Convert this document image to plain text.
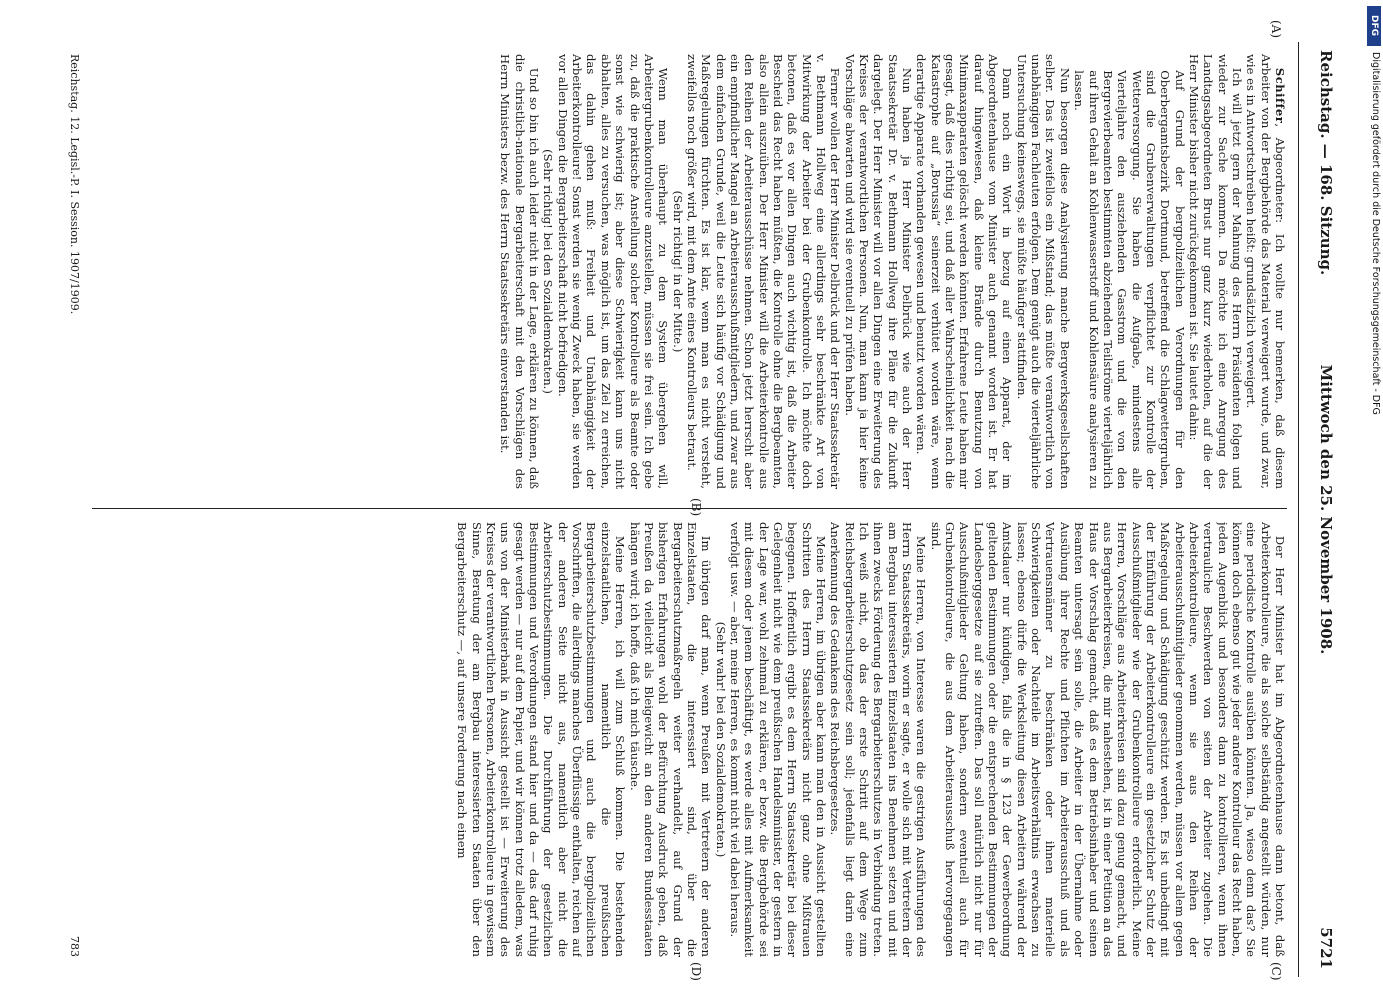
DFG
Digitalisierung gefördert durch die Deutsche Forschungsgemeinschaft - DFG
Reichstag. — 168. Sitzung.
Mittwoch den 25. November 1908.
5721
(A)
(B)
(C)
(D)

Schiffer, Abgeordneter: Ich wollte nur bemerken, daß diesem Arbeiter von der Bergbehörde das Material verweigert wurde, und zwar, wie es in Antwortschreiben heißt: grundsätzlich verweigert.

Ich will jetzt gern der Mahnung des Herrn Präsidenten folgen und wieder zur Sache kommen. Da möchte ich eine Anregung des Landtagsabgeordneten Brust nur ganz kurz wiederholen, auf die der Herr Minister bisher nicht zurückgekommen ist. Sie lautet dahin:

Auf Grund der bergpolizeilichen Verordnungen für den Oberbergamtsbezirk Dortmund, betreffend die Schlagwettergruben, sind die Grubenverwaltungen verpflichtet zur Kontrolle der Wetterversorgung. Sie haben die Aufgabe, mindestens alle Vierteljahre den ausziehenden Gasstrom und die von den Bergrevierbeamten bestimmten abziehenden Teilströme vierteljährlich auf ihren Gehalt an Kohlenwasserstoff und Kohlensäure analysieren zu lassen.

Nun besorgen diese Analysierung manche Bergwerksgesellschaften selber. Das ist zweifellos ein Mißstand; das müßte verantwortlich von unabhängigen Fachleuten erfolgen. Dem genügt auch die vierteljährliche Untersuchung keineswegs, sie müßte häufiger stattfinden.

Dann noch ein Wort in bezug auf einen Apparat, der im Abgeordnetenhause vom Minister auch genannt worden ist. Er hat darauf hingewiesen, daß kleine Brände durch Benutzung von Minimaxapparaten gelöscht werden könnten. Erfahrene Leute haben mir gesagt, daß dies richtig sei, und daß aller Wahrscheinlichkeit nach die Katastrophe auf „Borussia“ seinerzeit verhütet worden wäre, wenn derartige Apparate vorhanden gewesen und benutzt worden wären.

Nun haben ja Herr Minister Delbrück wie auch der Herr Staatssekretär Dr. v. Bethmann Hollweg ihre Pläne für die Zukunft dargelegt. Der Herr Minister will vor allen Dingen eine Erweiterung des Kreises der verantwortlichen Personen. Nun, man kann ja hier keine Vorschläge abwarten und wird sie eventuell zu prüfen haben.

Ferner wollen der Herr Minister Delbrück und der Herr Staatssekretär v. Bethmann Hollweg eine allerdings sehr beschränkte Art von Mitwirkung der Arbeiter bei der Grubenkontrolle. Ich möchte doch betonen, daß es vor allen Dingen auch wichtig ist, daß die Arbeiter Bescheid das Recht haben müßten, die Kontrolle ohne die Bergbeamten, also allein auszuüben. Der Herr Minister will die Arbeiterkontrolle aus den Reihen der Arbeiterausschüsse nehmen. Schon jetzt herrscht aber ein empfindlicher Mangel an Arbeiterausschußmitgliedern, und zwar aus dem einfachen Grunde, weil die Leute sich häufig vor Schädigung und Maßregelungen fürchten. Es ist klar, wenn man es nicht versteht, zweifellos noch größer wird, mit dem Amte eines Kontrolleurs betraut.

(Sehr richtig! in der Mitte.)

Wenn man überhaupt zu dem System übergehen will, Arbeitergrubenkontrolleure anzustellen, müssen sie frei sein. Ich gebe zu, daß die praktische Anstellung solcher Kontrolleure als Beamte oder sonst wie schwierig ist; aber diese Schwierigkeit kann uns nicht abhalten, alles zu versuchen, was möglich ist, um das Ziel zu erreichen, das dahin gehen muß: Freiheit und Unabhängigkeit der Arbeiterkontrolleure! Sonst werden sie wenig Zweck haben, sie werden vor allen Dingen die Bergarbeiterschaft nicht befriedigen.

(Sehr richtig! bei den Sozialdemokraten.)

Und so bin ich auch leider nicht in der Lage, erklären zu können, daß die christlich-nationale Bergarbeiterschaft mit den Vorschlägen des Herrn Ministers bezw. des Herrn Staatssekretärs einverstanden ist.

Der Herr Minister hat im Abgeordnetenhause dann betont, daß Arbeiterkontrolleure, die als solche selbständig angestellt würden, nur eine periodische Kontrolle ausüben könnten. Ja, wieso denn das? Sie können doch ebenso gut wie jeder andere Kontrolleur das Recht haben, jeden Augenblick und besonders dann zu kontrollieren, wenn ihnen vertrauliche Beschwerden von seiten der Arbeiter zugehen. Die Arbeiterkontrolleure, wenn sie aus den Reihen der Arbeiterausschußmitglieder genommen werden, müssen vor allem gegen Maßregelung und Schädigung geschützt werden. Es ist unbedingt mit der Einführung der Arbeiterkontrolleure ein gesetzlicher Schutz der Ausschußmitglieder wie der Grubenkontrolleure erforderlich. Meine Herren, Vorschläge aus Arbeiterkreisen sind dazu genug gemacht, und aus Bergarbeiterkreisen, die mir nahestehen, ist in einer Petition an das Haus der Vorschlag gemacht, daß es dem Betriebsinhaber und seinen Beamten untersagt sein solle, die Arbeiter in der Übernahme oder Ausübung ihrer Rechte und Pflichten im Arbeiterausschuß und als Vertrauensmänner zu beschränken oder ihnen materielle Schwierigkeiten oder Nachteile im Arbeitsverhältnis erwachsen zu lassen; ebenso dürfe die Werksleitung diesen Arbeitern während der Amtsdauer nur kündigen, falls die in § 123 der Gewerbeordnung geltenden Bestimmungen oder die entsprechenden Bestimmungen der Landesberggesetze auf sie zutreffen. Das soll natürlich nicht nur für Ausschußmitglieder Geltung haben, sondern eventuell auch für Grubenkontrolleure, die aus dem Arbeiterausschuß hervorgegangen sind.

Meine Herren, von Interesse waren die gestrigen Ausführungen des Herrn Staatssekretärs, worin er sagte, er wolle sich mit Vertretern der am Bergbau interessierten Einzelstaaten ins Benehmen setzen und mit ihnen zwecks Förderung des Bergarbeiterschutzes in Verbindung treten. Ich weiß nicht, ob das der erste Schritt auf dem Wege zum Reichsbergarbeiterschutzgesetz sein soll; jedenfalls liegt darin eine Anerkennung des Gedankens des Reichsbergesetzes.

Meine Herren, im übrigen aber kann man den in Aussicht gestellten Schritten des Herrn Staatssekretärs nicht ganz ohne Mißtrauen begegnen. Hoffentlich ergibt es dem Herrn Staatssekretär bei dieser Gelegenheit nicht wie dem preußischen Handelsminister, der gestern in der Lage war, wohl zehnmal zu erklären, er bezw. die Bergbehörde sei mit diesem oder jenem beschäftigt, es werde alles mit Aufmerksamkeit verfolgt usw. — aber, meine Herren, es kommt nicht viel dabei heraus.

(Sehr wahr! bei den Sozialdemokraten.)

Im übrigen darf man, wenn Preußen mit Vertretern der anderen Einzelstaaten, die interessiert sind, über die Bergarbeiterschutzmaßregeln weiter verhandelt, auf Grund der bisherigen Erfahrungen wohl der Befürchtung Ausdruck geben, daß Preußen da vielleicht als Bleigewicht an den anderen Bundesstaaten hängen wird; ich hoffe, daß ich mich täusche.

Meine Herren, ich will zum Schluß kommen. Die bestehenden einzelstaatlichen, namentlich die preußischen Bergarbeiterschutzbestimmungen und auch die bergpolizeilichen Vorschriften, die allerdings manches Überflüssige enthalten, reichen auf der anderen Seite nicht aus, namentlich aber nicht die Arbeiterschutzbestimmungen. Die Durchführung der gesetzlichen Bestimmungen und Verordnungen stand hier und da — das darf ruhig gesagt werden — nur auf dem Papier, und wir können trotz alledem, was uns von der Ministerbank in Aussicht gestellt ist — Erweiterung des Kreises der verantwortlichen Personen, Arbeiterkontrolleure in gewissem Sinne, Beratung der am Bergbau interessierten Staaten über den Bergarbeiterschutz —, auf unsere Forderung nach einem

Reichstag. 12. Legisl.-P. I. Session. 1907/1909.
783
